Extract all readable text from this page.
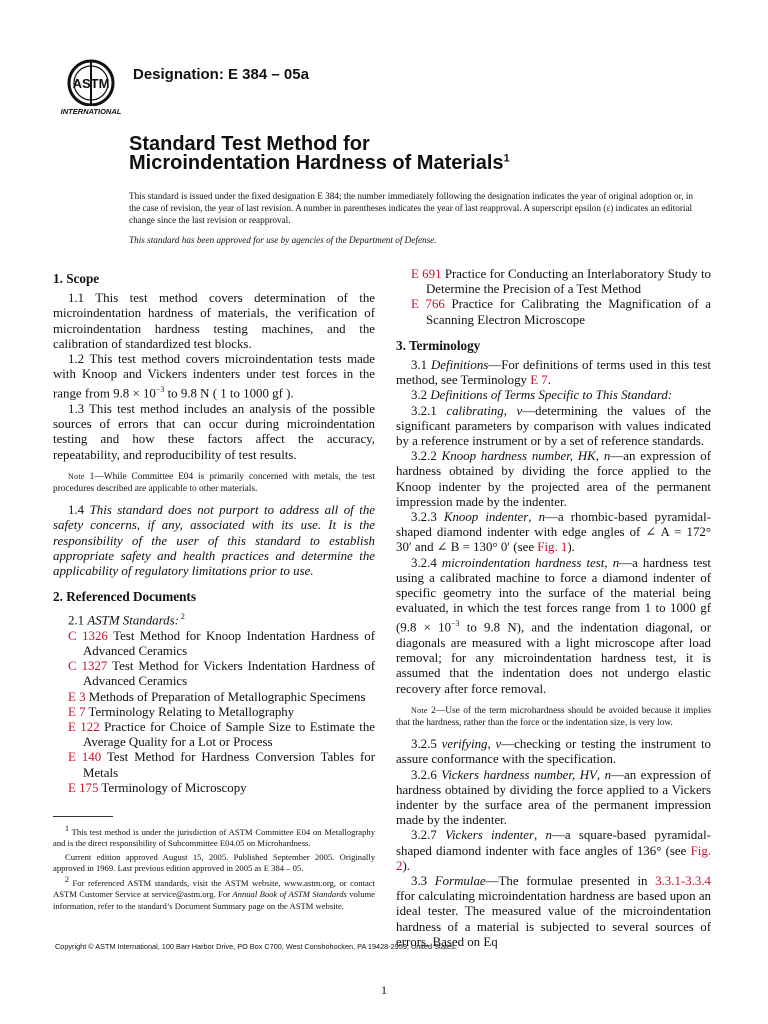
ASTM
INTERNATIONAL
Designation: E 384 – 05a
Standard Test Method for
Microindentation Hardness of Materials$^1$

This standard is issued under the fixed designation E 384; the number immediately following the designation indicates the year of original adoption or, in the case of revision, the year of last revision. A number in parentheses indicates the year of last reapproval. A superscript epsilon (ε) indicates an editorial change since the last revision or reapproval.

This standard has been approved for use by agencies of the Department of Defense.

1. Scope

1.1 This test method covers determination of the microindentation hardness of materials, the verification of microindentation hardness testing machines, and the calibration of standardized test blocks.

1.2 This test method covers microindentation tests made with Knoop and Vickers indenters under test forces in the range from $9.8 \times 10^{-3}$ to 9.8 N ( 1 to 1000 gf ).

1.3 This test method includes an analysis of the possible sources of errors that can occur during microindentation testing and how these factors affect the accuracy, repeatability, and reproducibility of test results.

Note 1—While Committee E04 is primarily concerned with metals, the test procedures described are applicable to other materials.

1.4 This standard does not purport to address all of the safety concerns, if any, associated with its use. It is the responsibility of the user of this standard to establish appropriate safety and health practices and determine the applicability of regulatory limitations prior to use.

2. Referenced Documents

2.1 ASTM Standards: $^2$

C 1326 Test Method for Knoop Indentation Hardness of Advanced Ceramics
C 1327 Test Method for Vickers Indentation Hardness of Advanced Ceramics
E 3 Methods of Preparation of Metallographic Specimens
E 7 Terminology Relating to Metallography
E 122 Practice for Choice of Sample Size to Estimate the Average Quality for a Lot or Process
E 140 Test Method for Hardness Conversion Tables for Metals
E 175 Terminology of Microscopy

1 This test method is under the jurisdiction of ASTM Committee E04 on Metallography and is the direct responsibility of Subcommittee E04.05 on Microhardness.

Current edition approved August 15, 2005. Published September 2005. Originally approved in 1969. Last previous edition approved in 2005 as E 384 – 05.

2 For referenced ASTM standards, visit the ASTM website, www.astm.org, or contact ASTM Customer Service at service@astm.org. For Annual Book of ASTM Standards volume information, refer to the standard’s Document Summary page on the ASTM website.

E 691 Practice for Conducting an Interlaboratory Study to Determine the Precision of a Test Method
E 766 Practice for Calibrating the Magnification of a Scanning Electron Microscope
3. Terminology

3.1 Definitions—For definitions of terms used in this test method, see Terminology E 7.

3.2 Definitions of Terms Specific to This Standard:

3.2.1 calibrating, v—determining the values of the significant parameters by comparison with values indicated by a reference instrument or by a set of reference standards.

3.2.2 Knoop hardness number, HK, n—an expression of hardness obtained by dividing the force applied to the Knoop indenter by the projected area of the permanent impression made by the indenter.

3.2.3 Knoop indenter, n—a rhombic-based pyramidal-shaped diamond indenter with edge angles of ∠ A = 172° 30′ and ∠ B = 130° 0′ (see Fig. 1).

3.2.4 microindentation hardness test, n—a hardness test using a calibrated machine to force a diamond indenter of specific geometry into the surface of the material being evaluated, in which the test forces range from 1 to 1000 gf ($9.8 \times 10^{-3}$ to 9.8 N), and the indentation diagonal, or diagonals are measured with a light microscope after load removal; for any microindentation hardness test, it is assumed that the indentation does not undergo elastic recovery after force removal.

Note 2—Use of the term microhardness should be avoided because it implies that the hardness, rather than the force or the indentation size, is very low.

3.2.5 verifying, v—checking or testing the instrument to assure conformance with the specification.

3.2.6 Vickers hardness number, HV, n—an expression of hardness obtained by dividing the force applied to a Vickers indenter by the surface area of the permanent impression made by the indenter.

3.2.7 Vickers indenter, n—a square-based pyramidal-shaped diamond indenter with face angles of 136° (see Fig. 2).

3.3 Formulae—The formulae presented in 3.3.1-3.3.4 ffor calculating microindentation hardness are based upon an ideal tester. The measured value of the microindentation hardness of a material is subjected to several sources of errors. Based on Eq

Copyright © ASTM International, 100 Barr Harbor Drive, PO Box C700, West Conshohocken, PA 19428-2959, United States.
1
